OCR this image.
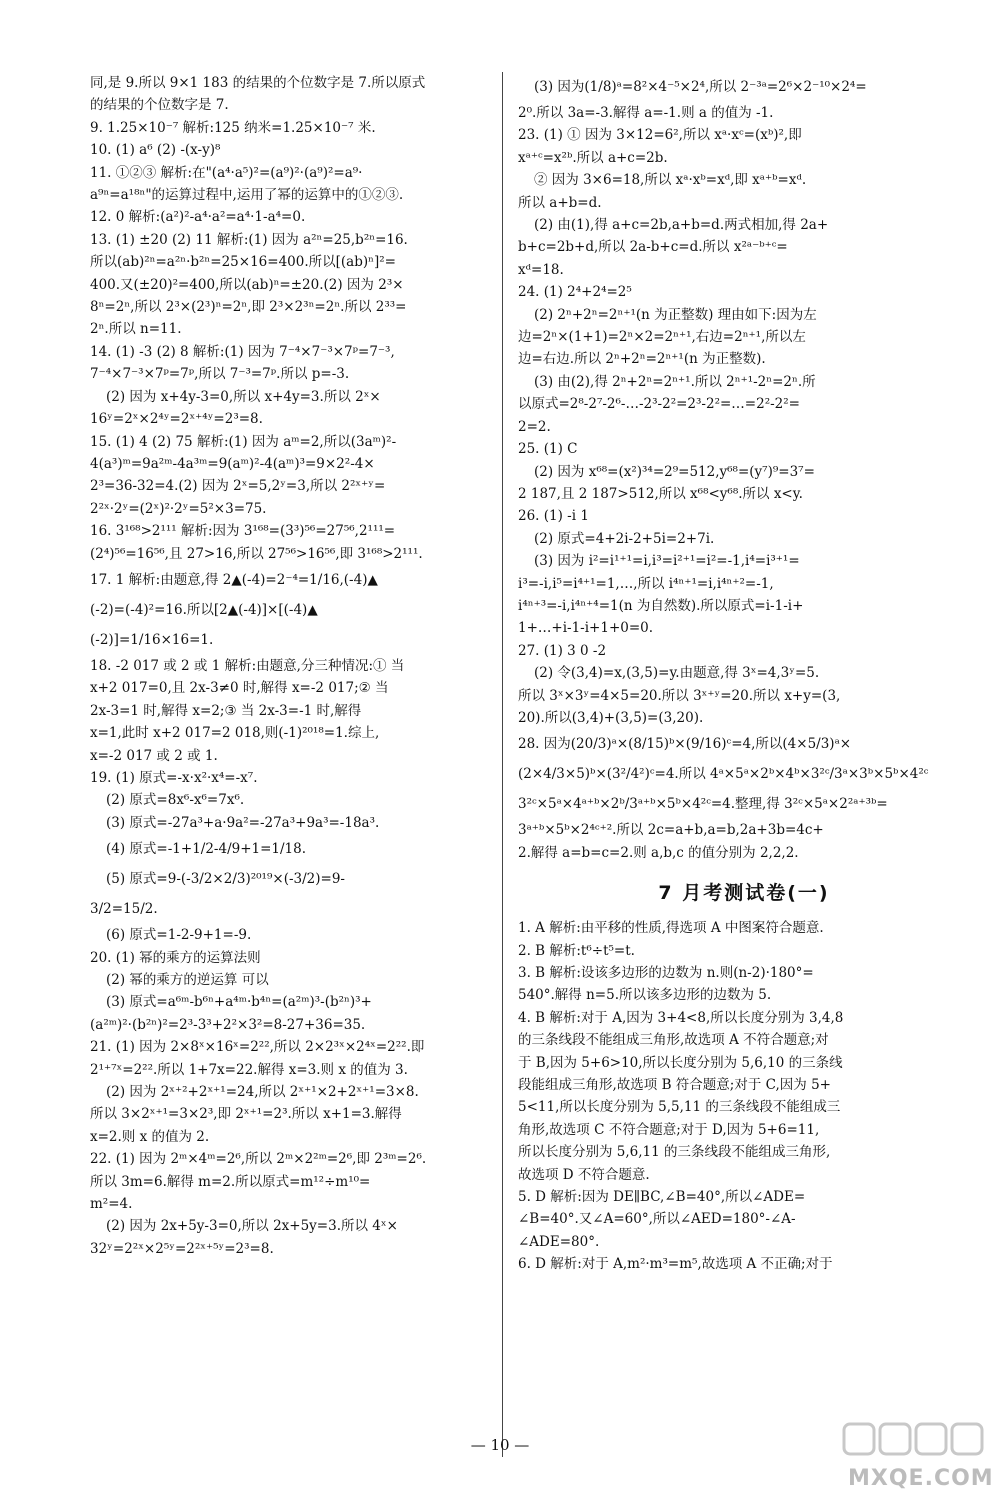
同,是 9.所以 9×1 183 的结果的个位数字是 7.所以原式
的结果的个位数字是 7.
9. 1.25×10⁻⁷ 解析:125 纳米=1.25×10⁻⁷ 米.
10. (1) a⁶ (2) -(x-y)⁸
11. ①②③ 解析:在"(a⁴·a⁵)²=(a⁹)²·(a⁹)²=a⁹·
a⁹ⁿ=a¹⁸ⁿ"的运算过程中,运用了幂的运算中的①②③.
12. 0 解析:(a²)²-a⁴·a²=a⁴·1-a⁴=0.
13. (1) ±20 (2) 11 解析:(1) 因为 a²ⁿ=25,b²ⁿ=16.
所以(ab)²ⁿ=a²ⁿ·b²ⁿ=25×16=400.所以[(ab)ⁿ]²=
400.又(±20)²=400,所以(ab)ⁿ=±20.(2) 因为 2³×
8ⁿ=2ⁿ,所以 2³×(2³)ⁿ=2ⁿ,即 2³×2³ⁿ=2ⁿ.所以 2³³=
2ⁿ.所以 n=11.
14. (1) -3 (2) 8 解析:(1) 因为 7⁻⁴×7⁻³×7ᵖ=7⁻³,
7⁻⁴×7⁻³×7ᵖ=7ᵖ,所以 7⁻³=7ᵖ.所以 p=-3.
(2) 因为 x+4y-3=0,所以 x+4y=3.所以 2ˣ×
16ʸ=2ˣ×2⁴ʸ=2ˣ⁺⁴ʸ=2³=8.
15. (1) 4 (2) 75 解析:(1) 因为 aᵐ=2,所以(3aᵐ)²-
4(a³)ᵐ=9a²ᵐ-4a³ᵐ=9(aᵐ)²-4(aᵐ)³=9×2²-4×
2³=36-32=4.(2) 因为 2ˣ=5,2ʸ=3,所以 2²ˣ⁺ʸ=
2²ˣ·2ʸ=(2ˣ)²·2ʸ=5²×3=75.
16. 3¹⁶⁸>2¹¹¹ 解析:因为 3¹⁶⁸=(3³)⁵⁶=27⁵⁶,2¹¹¹=
(2⁴)⁵⁶=16⁵⁶,且 27>16,所以 27⁵⁶>16⁵⁶,即 3¹⁶⁸>2¹¹¹.
17. 1 解析:由题意,得 2▲(-4)=2⁻⁴=1/16,(-4)▲
(-2)=(-4)²=16.所以[2▲(-4)]×[(-4)▲
(-2)]=1/16×16=1.
18. -2 017 或 2 或 1 解析:由题意,分三种情况:① 当
x+2 017=0,且 2x-3≠0 时,解得 x=-2 017;② 当
2x-3=1 时,解得 x=2;③ 当 2x-3=-1 时,解得
x=1,此时 x+2 017=2 018,则(-1)²⁰¹⁸=1.综上,
x=-2 017 或 2 或 1.
19. (1) 原式=-x·x²·x⁴=-x⁷.
(2) 原式=8x⁶-x⁶=7x⁶.
(3) 原式=-27a³+a·9a²=-27a³+9a³=-18a³.
(4) 原式=-1+1/2-4/9+1=1/18.
(5) 原式=9-(-3/2×2/3)²⁰¹⁹×(-3/2)=9-
3/2=15/2.
(6) 原式=1-2-9+1=-9.
20. (1) 幂的乘方的运算法则
(2) 幂的乘方的逆运算 可以
(3) 原式=a⁶ᵐ-b⁶ⁿ+a⁴ᵐ·b⁴ⁿ=(a²ᵐ)³-(b²ⁿ)³+
(a²ᵐ)²·(b²ⁿ)²=2³-3³+2²×3²=8-27+36=35.
21. (1) 因为 2×8ˣ×16ˣ=2²²,所以 2×2³ˣ×2⁴ˣ=2²².即
2¹⁺⁷ˣ=2²².所以 1+7x=22.解得 x=3.则 x 的值为 3.
(2) 因为 2ˣ⁺²+2ˣ⁺¹=24,所以 2ˣ⁺¹×2+2ˣ⁺¹=3×8.
所以 3×2ˣ⁺¹=3×2³,即 2ˣ⁺¹=2³.所以 x+1=3.解得
x=2.则 x 的值为 2.
22. (1) 因为 2ᵐ×4ᵐ=2⁶,所以 2ᵐ×2²ᵐ=2⁶,即 2³ᵐ=2⁶.
所以 3m=6.解得 m=2.所以原式=m¹²÷m¹⁰=
m²=4.
(2) 因为 2x+5y-3=0,所以 2x+5y=3.所以 4ˣ×
32ʸ=2²ˣ×2⁵ʸ=2²ˣ⁺⁵ʸ=2³=8.
(3) 因为(1/8)ᵃ=8²×4⁻⁵×2⁴,所以 2⁻³ᵃ=2⁶×2⁻¹⁰×2⁴=
2⁰.所以 3a=-3.解得 a=-1.则 a 的值为 -1.
23. (1) ① 因为 3×12=6²,所以 xᵃ·xᶜ=(xᵇ)²,即
xᵃ⁺ᶜ=x²ᵇ.所以 a+c=2b.
② 因为 3×6=18,所以 xᵃ·xᵇ=xᵈ,即 xᵃ⁺ᵇ=xᵈ.
所以 a+b=d.
(2) 由(1),得 a+c=2b,a+b=d.两式相加,得 2a+
b+c=2b+d,所以 2a-b+c=d.所以 x²ᵃ⁻ᵇ⁺ᶜ=
xᵈ=18.
24. (1) 2⁴+2⁴=2⁵
(2) 2ⁿ+2ⁿ=2ⁿ⁺¹(n 为正整数) 理由如下:因为左
边=2ⁿ×(1+1)=2ⁿ×2=2ⁿ⁺¹,右边=2ⁿ⁺¹,所以左
边=右边.所以 2ⁿ+2ⁿ=2ⁿ⁺¹(n 为正整数).
(3) 由(2),得 2ⁿ+2ⁿ=2ⁿ⁺¹.所以 2ⁿ⁺¹-2ⁿ=2ⁿ.所
以原式=2⁸-2⁷-2⁶-…-2³-2²=2³-2²=…=2²-2²=
2=2.
25. (1) C
(2) 因为 x⁶⁸=(x²)³⁴=2⁹=512,y⁶⁸=(y⁷)⁹=3⁷=
2 187,且 2 187>512,所以 x⁶⁸<y⁶⁸.所以 x<y.
26. (1) -i 1
(2) 原式=4+2i-2+5i=2+7i.
(3) 因为 i²=i¹⁺¹=i,i³=i²⁺¹=i²=-1,i⁴=i³⁺¹=
i³=-i,i⁵=i⁴⁺¹=1,…,所以 i⁴ⁿ⁺¹=i,i⁴ⁿ⁺²=-1,
i⁴ⁿ⁺³=-i,i⁴ⁿ⁺⁴=1(n 为自然数).所以原式=i-1-i+
1+…+i-1-i+1+0=0.
27. (1) 3 0 -2
(2) 令(3,4)=x,(3,5)=y.由题意,得 3ˣ=4,3ʸ=5.
所以 3ˣ×3ʸ=4×5=20.所以 3ˣ⁺ʸ=20.所以 x+y=(3,
20).所以(3,4)+(3,5)=(3,20).
28. 因为(20/3)ᵃ×(8/15)ᵇ×(9/16)ᶜ=4,所以(4×5/3)ᵃ×
(2×4/3×5)ᵇ×(3²/4²)ᶜ=4.所以 4ᵃ×5ᵃ×2ᵇ×4ᵇ×3²ᶜ/3ᵃ×3ᵇ×5ᵇ×4²ᶜ
3²ᶜ×5ᵃ×4ᵃ⁺ᵇ×2ᵇ/3ᵃ⁺ᵇ×5ᵇ×4²ᶜ=4.整理,得 3²ᶜ×5ᵃ×2²ᵃ⁺³ᵇ=
3ᵃ⁺ᵇ×5ᵇ×2⁴ᶜ⁺².所以 2c=a+b,a=b,2a+3b=4c+
2.解得 a=b=c=2.则 a,b,c 的值分别为 2,2,2.
7 月考测试卷(一)
1. A 解析:由平移的性质,得选项 A 中图案符合题意.
2. B 解析:t⁶÷t⁵=t.
3. B 解析:设该多边形的边数为 n.则(n-2)·180°=
540°.解得 n=5.所以该多边形的边数为 5.
4. B 解析:对于 A,因为 3+4<8,所以长度分别为 3,4,8
的三条线段不能组成三角形,故选项 A 不符合题意;对
于 B,因为 5+6>10,所以长度分别为 5,6,10 的三条线
段能组成三角形,故选项 B 符合题意;对于 C,因为 5+
5<11,所以长度分别为 5,5,11 的三条线段不能组成三
角形,故选项 C 不符合题意;对于 D,因为 5+6=11,
所以长度分别为 5,6,11 的三条线段不能组成三角形,
故选项 D 不符合题意.
5. D 解析:因为 DE∥BC,∠B=40°,所以∠ADE=
∠B=40°.又∠A=60°,所以∠AED=180°-∠A-
∠ADE=80°.
6. D 解析:对于 A,m²·m³=m⁵,故选项 A 不正确;对于
— 10 —
MXQE.COM
